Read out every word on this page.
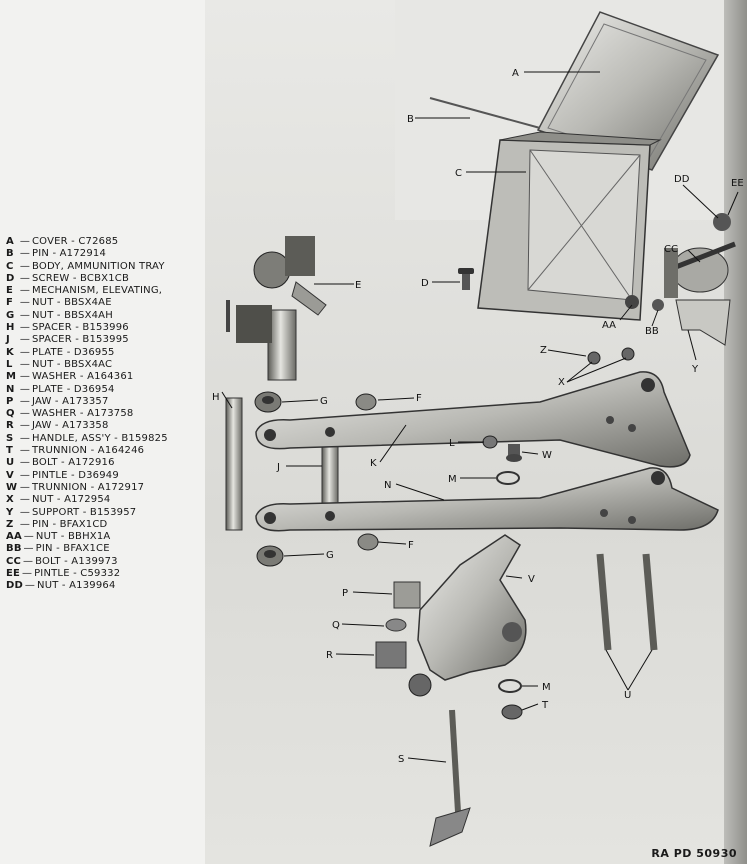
A
B
C
D
E
F
G
H
J	K
L
M
W
N
Z
X
V
P
Q
R
S
U
M
T
G
F
AA
BB
CC
DD	EE
Y
A — COVER - C72685
B — PIN - A172914
C — BODY, AMMUNITION TRAY
D — SCREW - BCBX1CB
E — MECHANISM, ELEVATING,
F — NUT - BBSX4AE
G — NUT - BBSX4AH
H — SPACER - B153996
J — SPACER - B153995
K — PLATE - D36955
L — NUT - BBSX4AC
M — WASHER - A164361
N — PLATE - D36954
P — JAW - A173357
Q — WASHER - A173758
R — JAW - A173358
S — HANDLE, ASS'Y - B159825
T — TRUNNION - A164246
U — BOLT - A172916
V — PINTLE - D36949
W — TRUNNION - A172917
X — NUT - A172954
Y — SUPPORT - B153957
Z — PIN - BFAX1CD
AA — NUT - BBHX1A
BB — PIN - BFAX1CE
CC — BOLT - A139973
EE — PINTLE - C59332
DD — NUT - A139964
RA PD 50930
